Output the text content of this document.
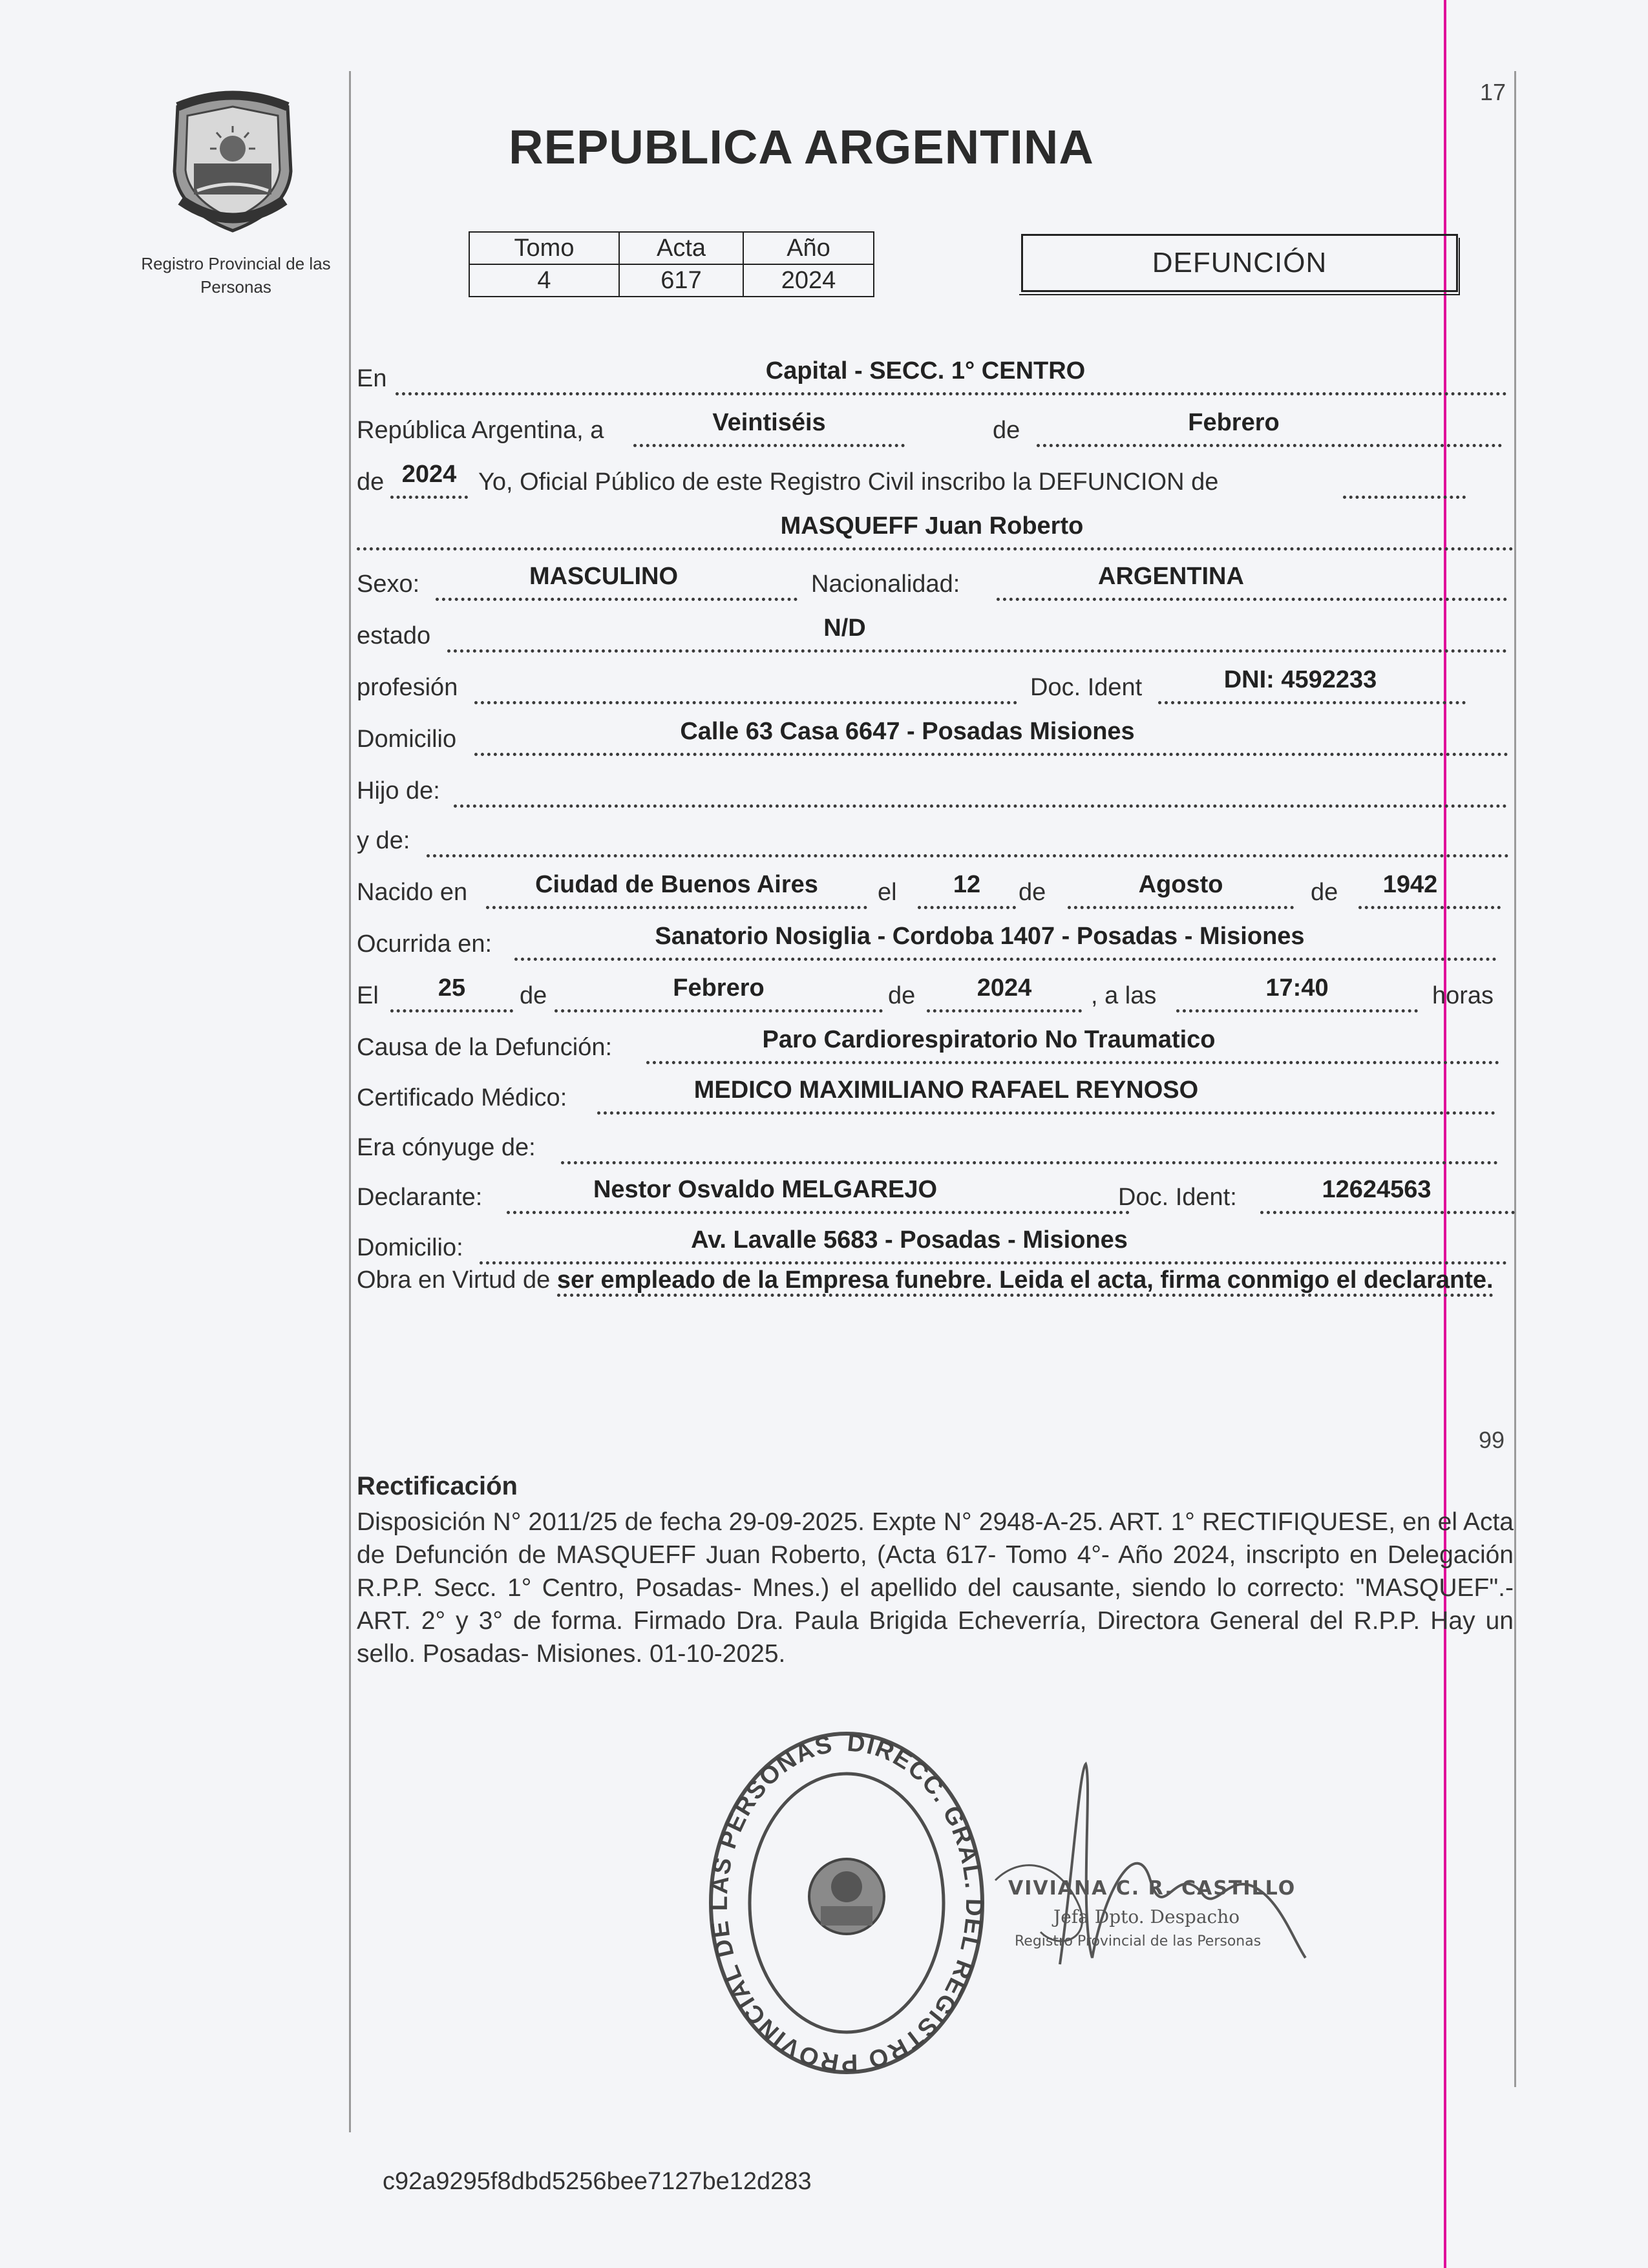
Registro Provincial de las Personas
17
REPUBLICA ARGENTINA
Tomo	Acta	Año
4	617	2024
DEFUNCIÓN
En	Capital - SECC. 1° CENTRO
República Argentina, a	Veintiséis	de	Febrero
de 2024 Yo, Oficial Público de este Registro Civil inscribo la DEFUNCION de
MASQUEFF Juan Roberto
Sexo:	MASCULINO	Nacionalidad:	ARGENTINA
estado	N/D
profesión	Doc. Ident	DNI: 4592233
Domicilio	Calle 63 Casa 6647 - Posadas Misiones
Hijo de:
y de:
Nacido en	Ciudad de Buenos Aires	el	12	de	Agosto	de	1942
Ocurrida en:	Sanatorio Nosiglia - Cordoba 1407 - Posadas - Misiones
El	25	de	Febrero	de	2024	, a las	17:40	horas
Causa de la Defunción:	Paro Cardiorespiratorio No Traumatico
Certificado Médico:	MEDICO MAXIMILIANO RAFAEL REYNOSO
Era cónyuge de:
Declarante:	Nestor Osvaldo MELGAREJO	Doc. Ident:	12624563
Domicilio:	Av. Lavalle 5683 - Posadas - Misiones
Obra en Virtud de ser empleado de la Empresa funebre. Leida el acta, firma conmigo el declarante.
99
Rectificación
Disposición N° 2011/25 de fecha 29-09-2025. Expte N° 2948-A-25. ART. 1° RECTIFIQUESE, en el Acta de Defunción de MASQUEFF Juan Roberto, (Acta 617- Tomo 4°- Año 2024, inscripto en Delegación R.P.P. Secc. 1° Centro, Posadas- Mnes.) el apellido del causante, siendo lo correcto: "MASQUEF".- ART. 2° y 3° de forma. Firmado Dra. Paula Brigida Echeverría, Directora General del R.P.P. Hay un sello. Posadas- Misiones. 01-10-2025.
DIRECC. GRAL. DEL REGISTRO PROVINCIAL DE LAS PERSONAS
VIVIANA C. R. CASTILLO
Jefa Dpto. Despacho
Registro Provincial de las Personas
c92a9295f8dbd5256bee7127be12d283
